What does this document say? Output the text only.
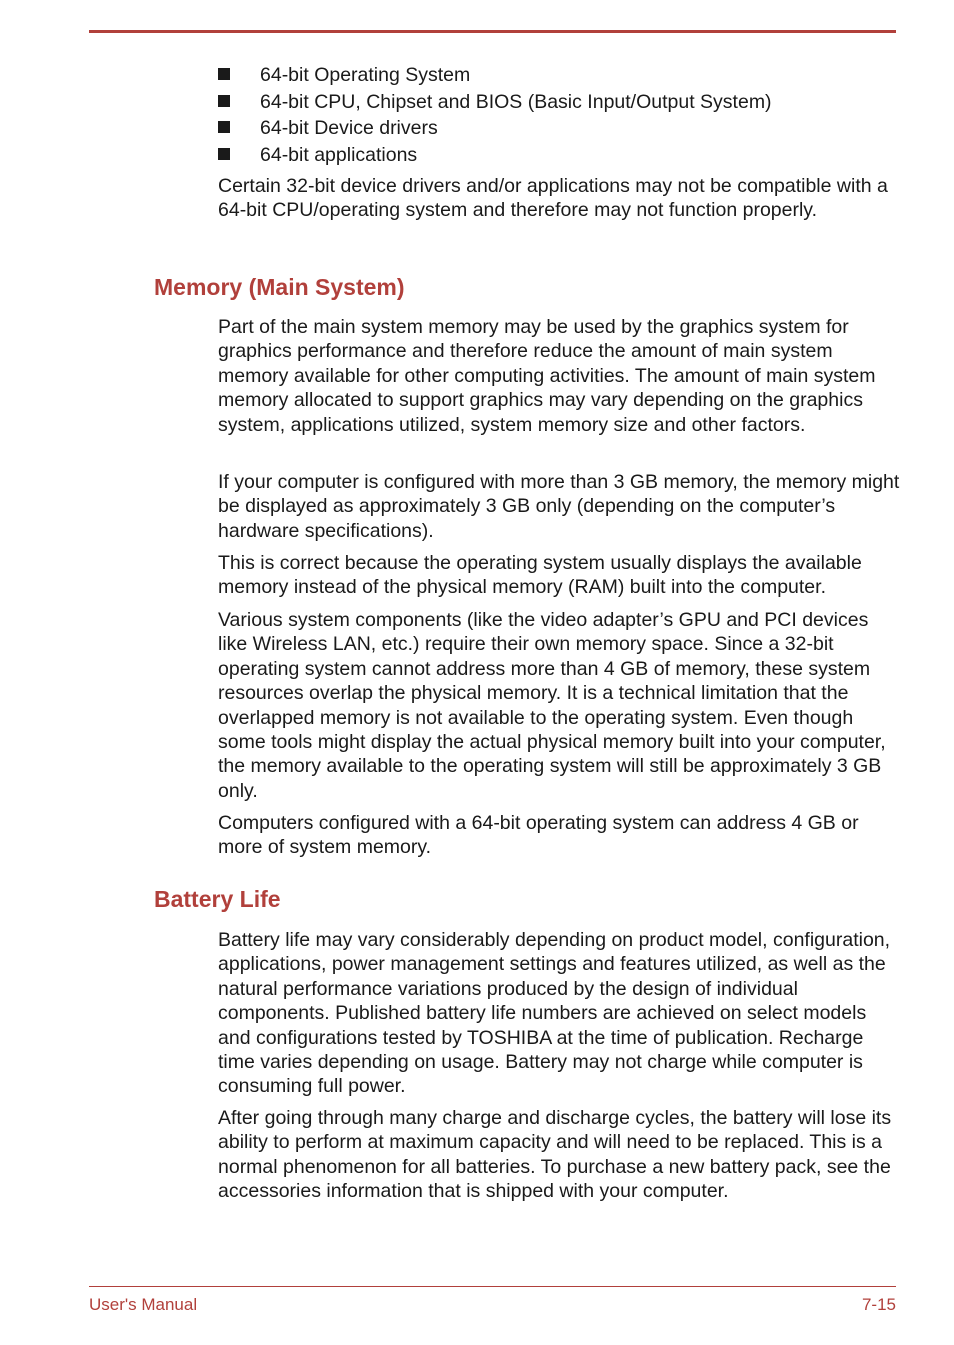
64-bit Operating System
64-bit CPU, Chipset and BIOS (Basic Input/Output System)
64-bit Device drivers
64-bit applications

Certain 32-bit device drivers and/or applications may not be compatible with a 64-bit CPU/operating system and therefore may not function properly.

Memory (Main System)

Part of the main system memory may be used by the graphics system for graphics performance and therefore reduce the amount of main system memory available for other computing activities. The amount of main system memory allocated to support graphics may vary depending on the graphics system, applications utilized, system memory size and other factors.

If your computer is configured with more than 3 GB memory, the memory might be displayed as approximately 3 GB only (depending on the computer’s hardware specifications).

This is correct because the operating system usually displays the available memory instead of the physical memory (RAM) built into the computer.

Various system components (like the video adapter’s GPU and PCI devices like Wireless LAN, etc.) require their own memory space. Since a 32-bit operating system cannot address more than 4 GB of memory, these system resources overlap the physical memory. It is a technical limitation that the overlapped memory is not available to the operating system. Even though some tools might display the actual physical memory built into your computer, the memory available to the operating system will still be approximately 3 GB only.

Computers configured with a 64-bit operating system can address 4 GB or more of system memory.

Battery Life

Battery life may vary considerably depending on product model, configuration, applications, power management settings and features utilized, as well as the natural performance variations produced by the design of individual components. Published battery life numbers are achieved on select models and configurations tested by TOSHIBA at the time of publication. Recharge time varies depending on usage. Battery may not charge while computer is consuming full power.

After going through many charge and discharge cycles, the battery will lose its ability to perform at maximum capacity and will need to be replaced. This is a normal phenomenon for all batteries. To purchase a new battery pack, see the accessories information that is shipped with your computer.

User's Manual	7-15
